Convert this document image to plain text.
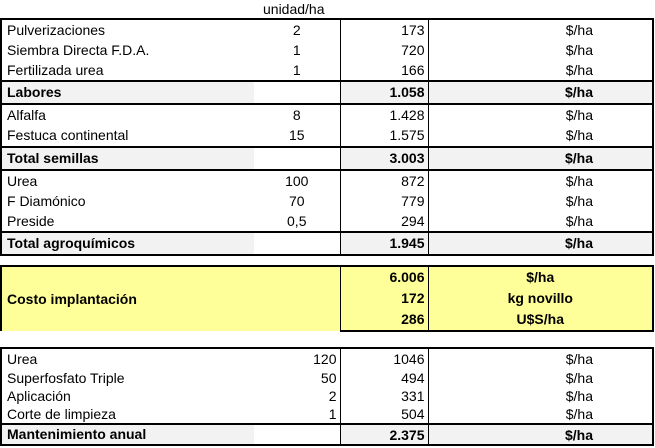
unidad/ha
Pulverizaciones	2	173	$/ha
Siembra Directa F.D.A.	1	720	$/ha
Fertilizada urea	1	166	$/ha
Labores		1.058	$/ha
Alfalfa	8	1.428	$/ha
Festuca continental	15	1.575	$/ha
Total semillas		3.003	$/ha
Urea	100	872	$/ha
F Diamónico	70	779	$/ha
Preside	0,5	294	$/ha
Total agroquímicos		1.945	$/ha
Costo implantación		6.006	$/ha
		172	kg novillo
		286	U$S/ha
Urea	120	1046	$/ha
Superfosfato Triple	50	494	$/ha
Aplicación	2	331	$/ha
Corte de limpieza	1	504	$/ha
Mantenimiento anual		2.375	$/ha
